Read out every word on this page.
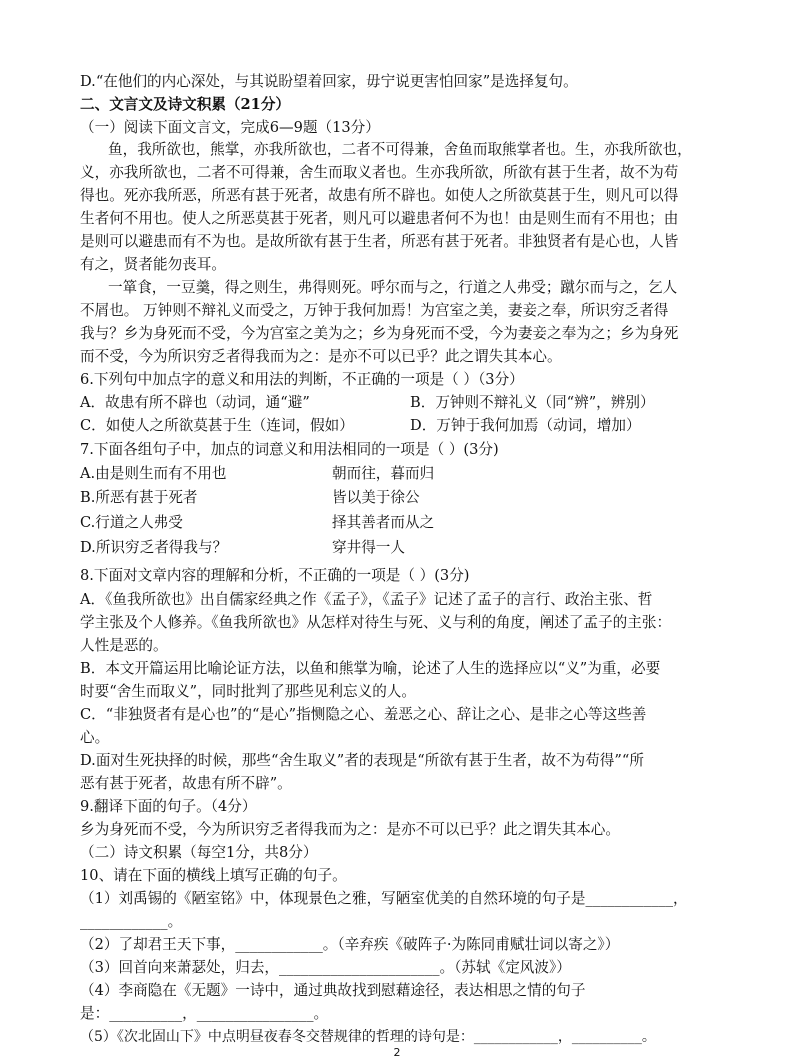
D.“在他们的内心深处，与其说盼望着回家，毋宁说更害怕回家”是选择复句。
二、文言文及诗文积累（21分）
（一）阅读下面文言文，完成6—9题（13分）
鱼，我所欲也，熊掌，亦我所欲也，二者不可得兼，舍鱼而取熊掌者也。生，亦我所欲也，
义，亦我所欲也，二者不可得兼，舍生而取义者也。生亦我所欲，所欲有甚于生者，故不为苟
得也。死亦我所恶，所恶有甚于死者，故患有所不辟也。如使人之所欲莫甚于生，则凡可以得
生者何不用也。使人之所恶莫甚于死者，则凡可以避患者何不为也！由是则生而有不用也；由
是则可以避患而有不为也。是故所欲有甚于生者，所恶有甚于死者。非独贤者有是心也，人皆
有之，贤者能勿丧耳。
一箪食，一豆羹，得之则生，弗得则死。呼尔而与之，行道之人弗受；蹴尔而与之，乞人
不屑也。 万钟则不辩礼义而受之，万钟于我何加焉！为宫室之美，妻妾之奉，所识穷乏者得
我与？乡为身死而不受，今为宫室之美为之；乡为身死而不受，今为妻妾之奉为之；乡为身死
而不受，今为所识穷乏者得我而为之：是亦不可以已乎？此之谓失其本心。
6.下列句中加点字的意义和用法的判断，不正确的一项是（ ）（3分）
A．故患有所不辟也（动词，通“避”	B．万钟则不辩礼义（同“辨”，辨别）
C．如使人之所欲莫甚于生（连词，假如）	D．万钟于我何加焉（动词，增加）
7.下面各组句子中，加点的词意义和用法相同的一项是（ ）(3分)
A.由是则生而有不用也	朝而往，暮而归
B.所恶有甚于死者	皆以美于徐公
C.行道之人弗受	择其善者而从之
D.所识穷乏者得我与？	穿井得一人
8.下面对文章内容的理解和分析，不正确的一项是（ ）(3分)
A．《鱼我所欲也》出自儒家经典之作《孟子》，《孟子》记述了孟子的言行、政治主张、哲
学主张及个人修养。《鱼我所欲也》从怎样对待生与死、义与利的角度，阐述了孟子的主张：
人性是恶的。
B．本文开篇运用比喻论证方法，以鱼和熊掌为喻，论述了人生的选择应以“义”为重，必要
时要“舍生而取义”，同时批判了那些见利忘义的人。
C．“非独贤者有是心也”的“是心”指恻隐之心、羞恶之心、辞让之心、是非之心等这些善
心。
D.面对生死抉择的时候，那些“舍生取义”者的表现是“所欲有甚于生者，故不为苟得”“所
恶有甚于死者，故患有所不辟”。
9.翻译下面的句子。（4分）
乡为身死而不受，今为所识穷乏者得我而为之：是亦不可以已乎？此之谓失其本心。
（二）诗文积累（每空1分，共8分）
10、请在下面的横线上填写正确的句子。
（1）刘禹锡的《陋室铭》中，体现景色之雅，写陋室优美的自然环境的句子是____________，
____________。
（2）了却君王天下事，____________。（辛弃疾《破阵子·为陈同甫赋壮词以寄之》）
（3）回首向来萧瑟处，归去，______________________。（苏轼《定风波》）
（4）李商隐在《无题》一诗中，通过典故找到慰藉途径，表达相思之情的句子
是：__________，________________。
（5）《次北固山下》中点明昼夜春冬交替规律的哲理的诗句是：____________，__________。
2
